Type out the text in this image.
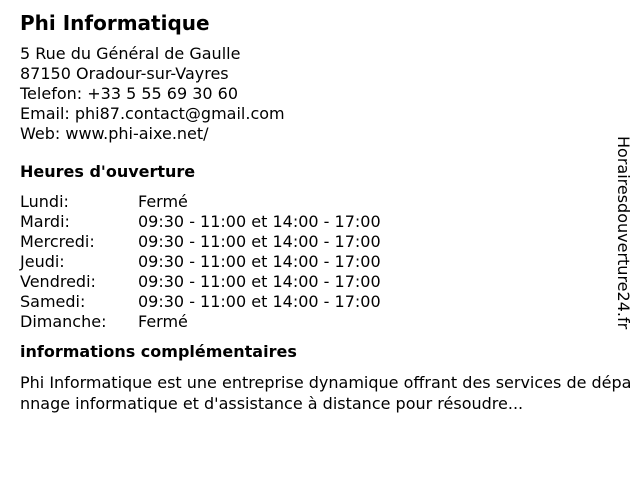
Phi Informatique
5 Rue du Général de Gaulle
87150 Oradour-sur-Vayres
Telefon: +33 5 55 69 30 60
Email: phi87.contact@gmail.com
Web: www.phi-aixe.net/
Heures d'ouverture
Lundi:	Fermé
Mardi:	09:30 - 11:00 et 14:00 - 17:00
Mercredi:	09:30 - 11:00 et 14:00 - 17:00
Jeudi:	09:30 - 11:00 et 14:00 - 17:00
Vendredi:	09:30 - 11:00 et 14:00 - 17:00
Samedi:	09:30 - 11:00 et 14:00 - 17:00
Dimanche:	Fermé
informations complémentaires
Phi Informatique est une entreprise dynamique offrant des services de dépannage informatique et d'assistance à distance pour résoudre...
Horairesdouverture24.fr
